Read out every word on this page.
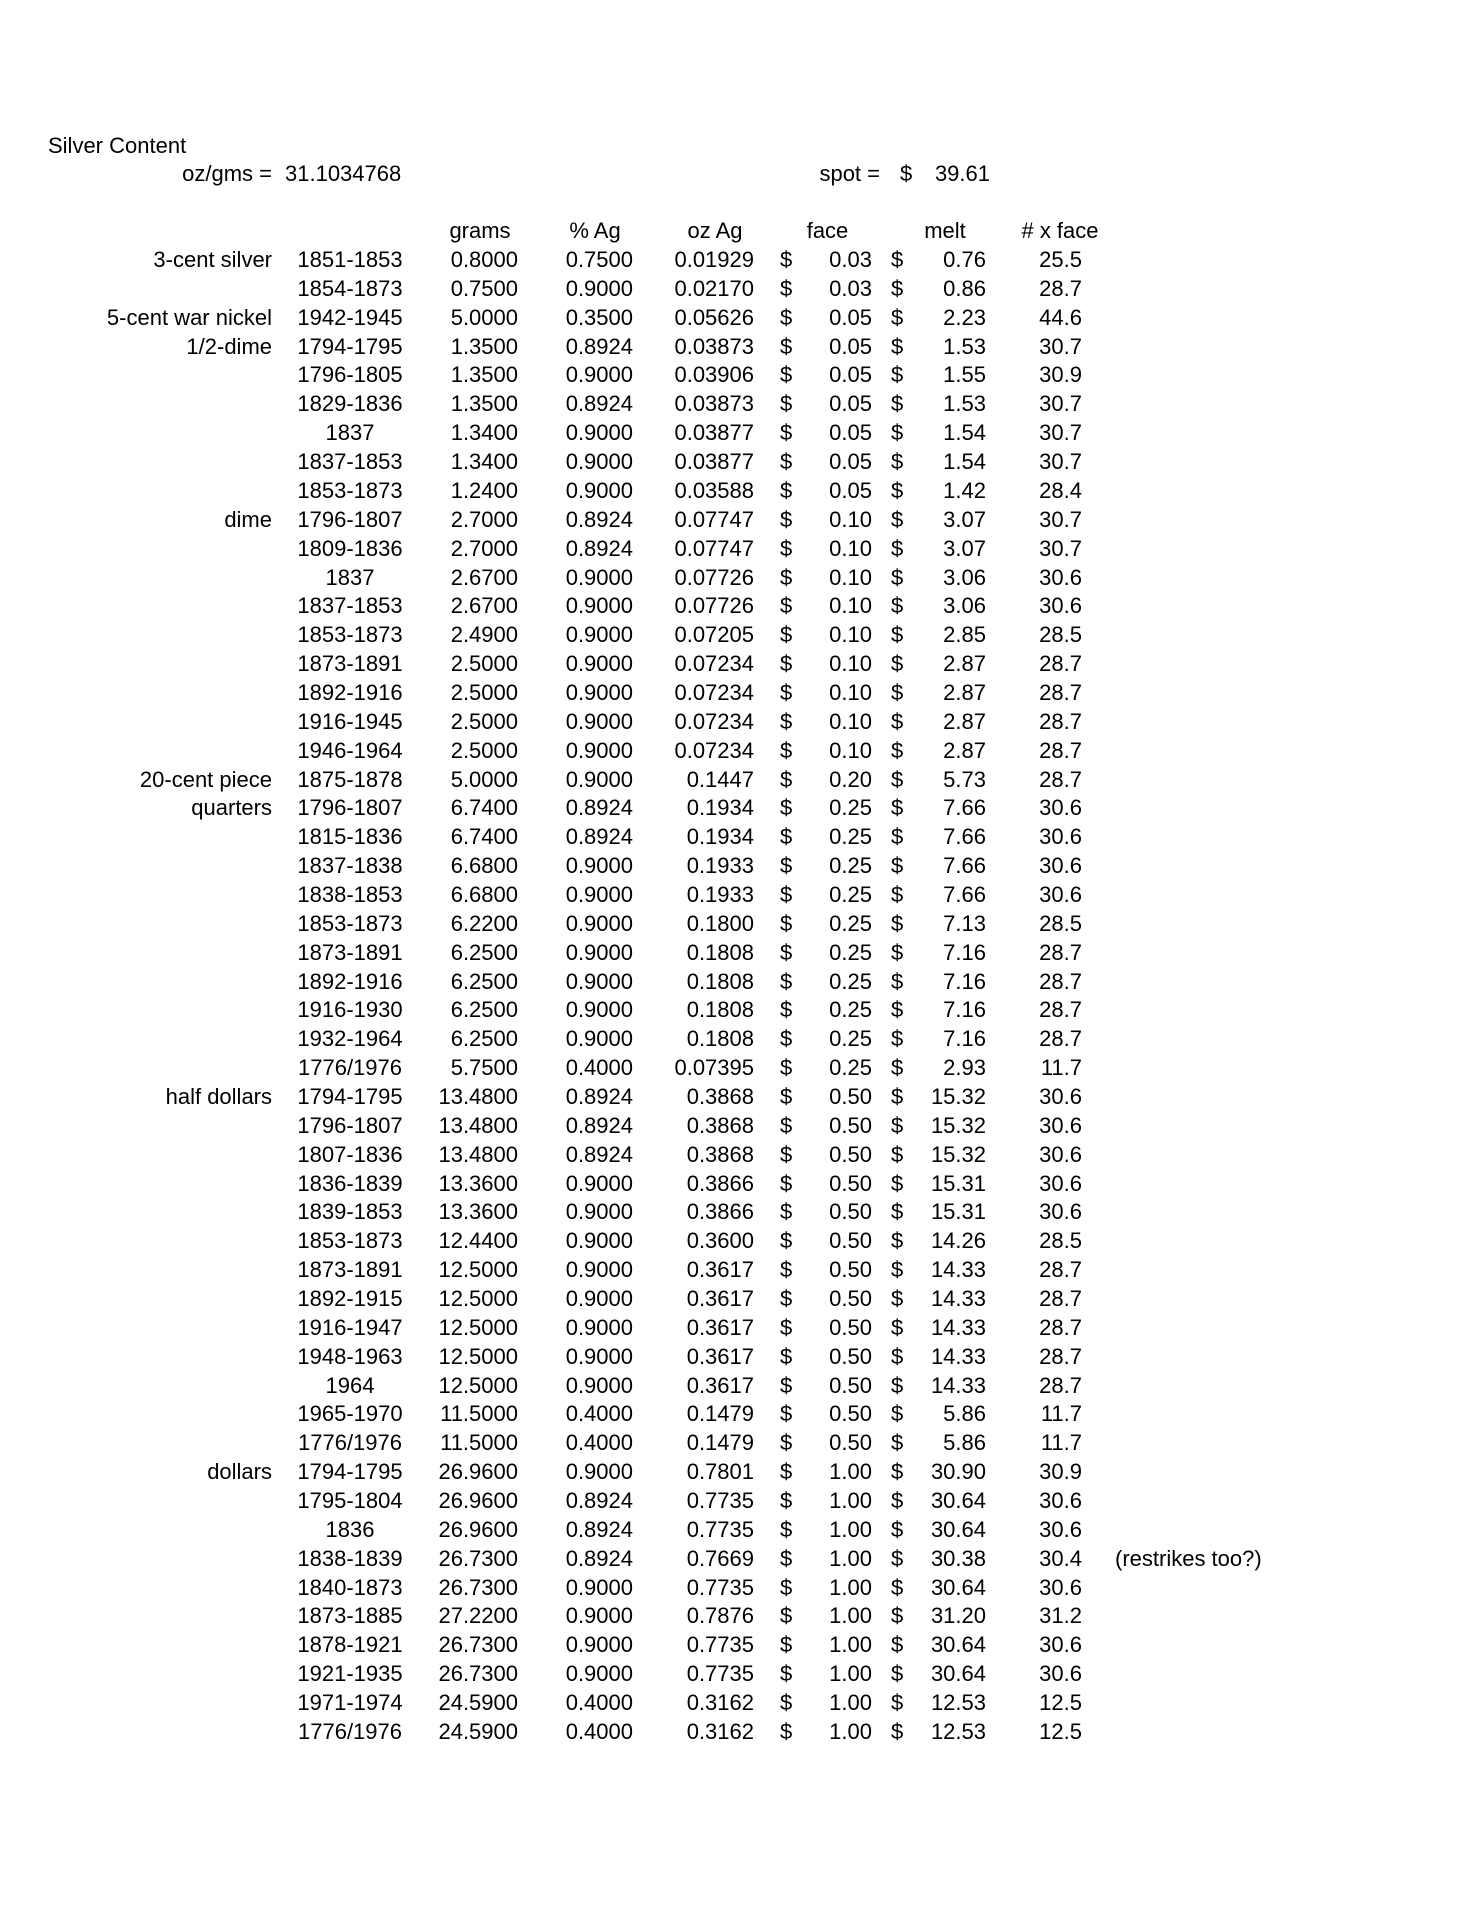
Silver Content
oz/gms = 31.1034768	spot = $	39.61
grams	% Ag	oz Ag	face	melt	# x face
3-cent silver	1851-1853	0.8000	0.7500	0.01929 $	0.03 $	0.76	25.5
1854-1873	0.7500	0.9000	0.02170 $	0.03 $	0.86	28.7
5-cent war nickel	1942-1945	5.0000	0.3500	0.05626 $	0.05 $	2.23	44.6
1/2-dime	1794-1795	1.3500	0.8924	0.03873 $	0.05 $	1.53	30.7
1796-1805	1.3500	0.9000	0.03906 $	0.05 $	1.55	30.9
1829-1836	1.3500	0.8924	0.03873 $	0.05 $	1.53	30.7
1837	1.3400	0.9000	0.03877 $	0.05 $	1.54	30.7
1837-1853	1.3400	0.9000	0.03877 $	0.05 $	1.54	30.7
1853-1873	1.2400	0.9000	0.03588 $	0.05 $	1.42	28.4
dime	1796-1807	2.7000	0.8924	0.07747 $	0.10 $	3.07	30.7
1809-1836	2.7000	0.8924	0.07747 $	0.10 $	3.07	30.7
1837	2.6700	0.9000	0.07726 $	0.10 $	3.06	30.6
1837-1853	2.6700	0.9000	0.07726 $	0.10 $	3.06	30.6
1853-1873	2.4900	0.9000	0.07205 $	0.10 $	2.85	28.5
1873-1891	2.5000	0.9000	0.07234 $	0.10 $	2.87	28.7
1892-1916	2.5000	0.9000	0.07234 $	0.10 $	2.87	28.7
1916-1945	2.5000	0.9000	0.07234 $	0.10 $	2.87	28.7
1946-1964	2.5000	0.9000	0.07234 $	0.10 $	2.87	28.7
20-cent piece	1875-1878	5.0000	0.9000	0.1447 $	0.20 $	5.73	28.7
quarters	1796-1807	6.7400	0.8924	0.1934 $	0.25 $	7.66	30.6
1815-1836	6.7400	0.8924	0.1934 $	0.25 $	7.66	30.6
1837-1838	6.6800	0.9000	0.1933 $	0.25 $	7.66	30.6
1838-1853	6.6800	0.9000	0.1933 $	0.25 $	7.66	30.6
1853-1873	6.2200	0.9000	0.1800 $	0.25 $	7.13	28.5
1873-1891	6.2500	0.9000	0.1808 $	0.25 $	7.16	28.7
1892-1916	6.2500	0.9000	0.1808 $	0.25 $	7.16	28.7
1916-1930	6.2500	0.9000	0.1808 $	0.25 $	7.16	28.7
1932-1964	6.2500	0.9000	0.1808 $	0.25 $	7.16	28.7
1776/1976	5.7500	0.4000	0.07395 $	0.25 $	2.93	11.7
half dollars	1794-1795	13.4800	0.8924	0.3868 $	0.50 $	15.32	30.6
1796-1807	13.4800	0.8924	0.3868 $	0.50 $	15.32	30.6
1807-1836	13.4800	0.8924	0.3868 $	0.50 $	15.32	30.6
1836-1839	13.3600	0.9000	0.3866 $	0.50 $	15.31	30.6
1839-1853	13.3600	0.9000	0.3866 $	0.50 $	15.31	30.6
1853-1873	12.4400	0.9000	0.3600 $	0.50 $	14.26	28.5
1873-1891	12.5000	0.9000	0.3617 $	0.50 $	14.33	28.7
1892-1915	12.5000	0.9000	0.3617 $	0.50 $	14.33	28.7
1916-1947	12.5000	0.9000	0.3617 $	0.50 $	14.33	28.7
1948-1963	12.5000	0.9000	0.3617 $	0.50 $	14.33	28.7
1964	12.5000	0.9000	0.3617 $	0.50 $	14.33	28.7
1965-1970	11.5000	0.4000	0.1479 $	0.50 $	5.86	11.7
1776/1976	11.5000	0.4000	0.1479 $	0.50 $	5.86	11.7
dollars	1794-1795	26.9600	0.9000	0.7801 $	1.00 $	30.90	30.9
1795-1804	26.9600	0.8924	0.7735 $	1.00 $	30.64	30.6
1836	26.9600	0.8924	0.7735 $	1.00 $	30.64	30.6
1838-1839	26.7300	0.8924	0.7669 $	1.00 $	30.38	30.4 (restrikes too?)
1840-1873	26.7300	0.9000	0.7735 $	1.00 $	30.64	30.6
1873-1885	27.2200	0.9000	0.7876 $	1.00 $	31.20	31.2
1878-1921	26.7300	0.9000	0.7735 $	1.00 $	30.64	30.6
1921-1935	26.7300	0.9000	0.7735 $	1.00 $	30.64	30.6
1971-1974	24.5900	0.4000	0.3162 $	1.00 $	12.53	12.5
1776/1976	24.5900	0.4000	0.3162 $	1.00 $	12.53	12.5
